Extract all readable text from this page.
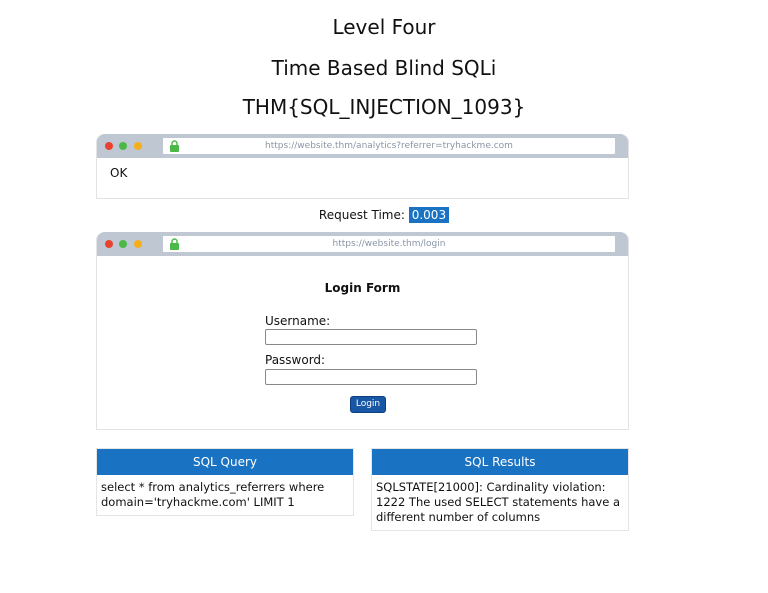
Level Four
Time Based Blind SQLi
THM{SQL_INJECTION_1093}
https://website.thm/analytics?referrer=tryhackme.com
OK
Request Time: 0.003
https://website.thm/login
Login Form
Username:
Password:
Login
SQL Query
select * from analytics_referrers where domain='tryhackme.com' LIMIT 1
SQL Results
SQLSTATE[21000]: Cardinality violation: 1222 The used SELECT statements have a different number of columns
